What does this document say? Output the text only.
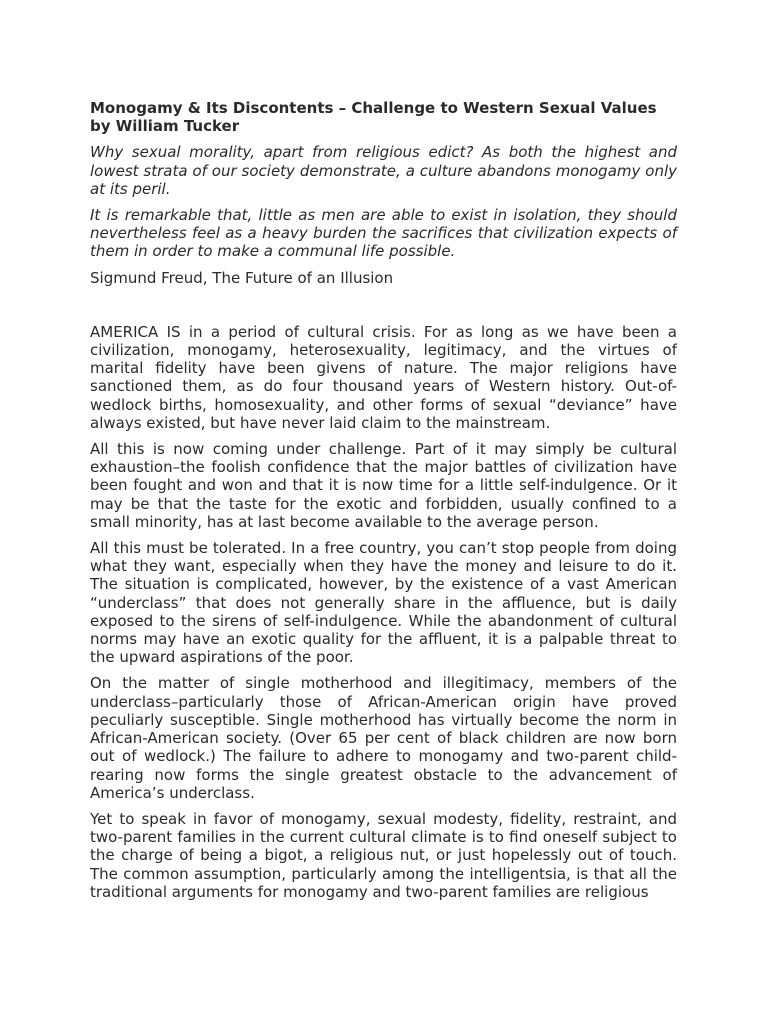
Monogamy & Its Discontents – Challenge to Western Sexual Values by William Tucker

Why sexual morality, apart from religious edict? As both the highest and lowest strata of our society demonstrate, a culture abandons monogamy only at its peril.

It is remarkable that, little as men are able to exist in isolation, they should nevertheless feel as a heavy burden the sacrifices that civilization expects of them in order to make a communal life possible.

Sigmund Freud, The Future of an Illusion

AMERICA IS in a period of cultural crisis. For as long as we have been a civilization, monogamy, heterosexuality, legitimacy, and the virtues of marital fidelity have been givens of nature. The major religions have sanctioned them, as do four thousand years of Western history. Out-of-wedlock births, homosexuality, and other forms of sexual “deviance” have always existed, but have never laid claim to the mainstream.

All this is now coming under challenge. Part of it may simply be cultural exhaustion–the foolish confidence that the major battles of civilization have been fought and won and that it is now time for a little self-indulgence. Or it may be that the taste for the exotic and forbidden, usually confined to a small minority, has at last become available to the average person.

All this must be tolerated. In a free country, you can’t stop people from doing what they want, especially when they have the money and leisure to do it. The situation is complicated, however, by the existence of a vast American “underclass” that does not generally share in the affluence, but is daily exposed to the sirens of self-indulgence. While the abandonment of cultural norms may have an exotic quality for the affluent, it is a palpable threat to the upward aspirations of the poor.

On the matter of single motherhood and illegitimacy, members of the underclass–particularly those of African-American origin have proved peculiarly susceptible. Single motherhood has virtually become the norm in African-American society. (Over 65 per cent of black children are now born out of wedlock.) The failure to adhere to monogamy and two-parent child-rearing now forms the single greatest obstacle to the advancement of America’s underclass.

Yet to speak in favor of monogamy, sexual modesty, fidelity, restraint, and two-parent families in the current cultural climate is to find oneself subject to the charge of being a bigot, a religious nut, or just hopelessly out of touch. The common assumption, particularly among the intelligentsia, is that all the traditional arguments for monogamy and two-parent families are religious
